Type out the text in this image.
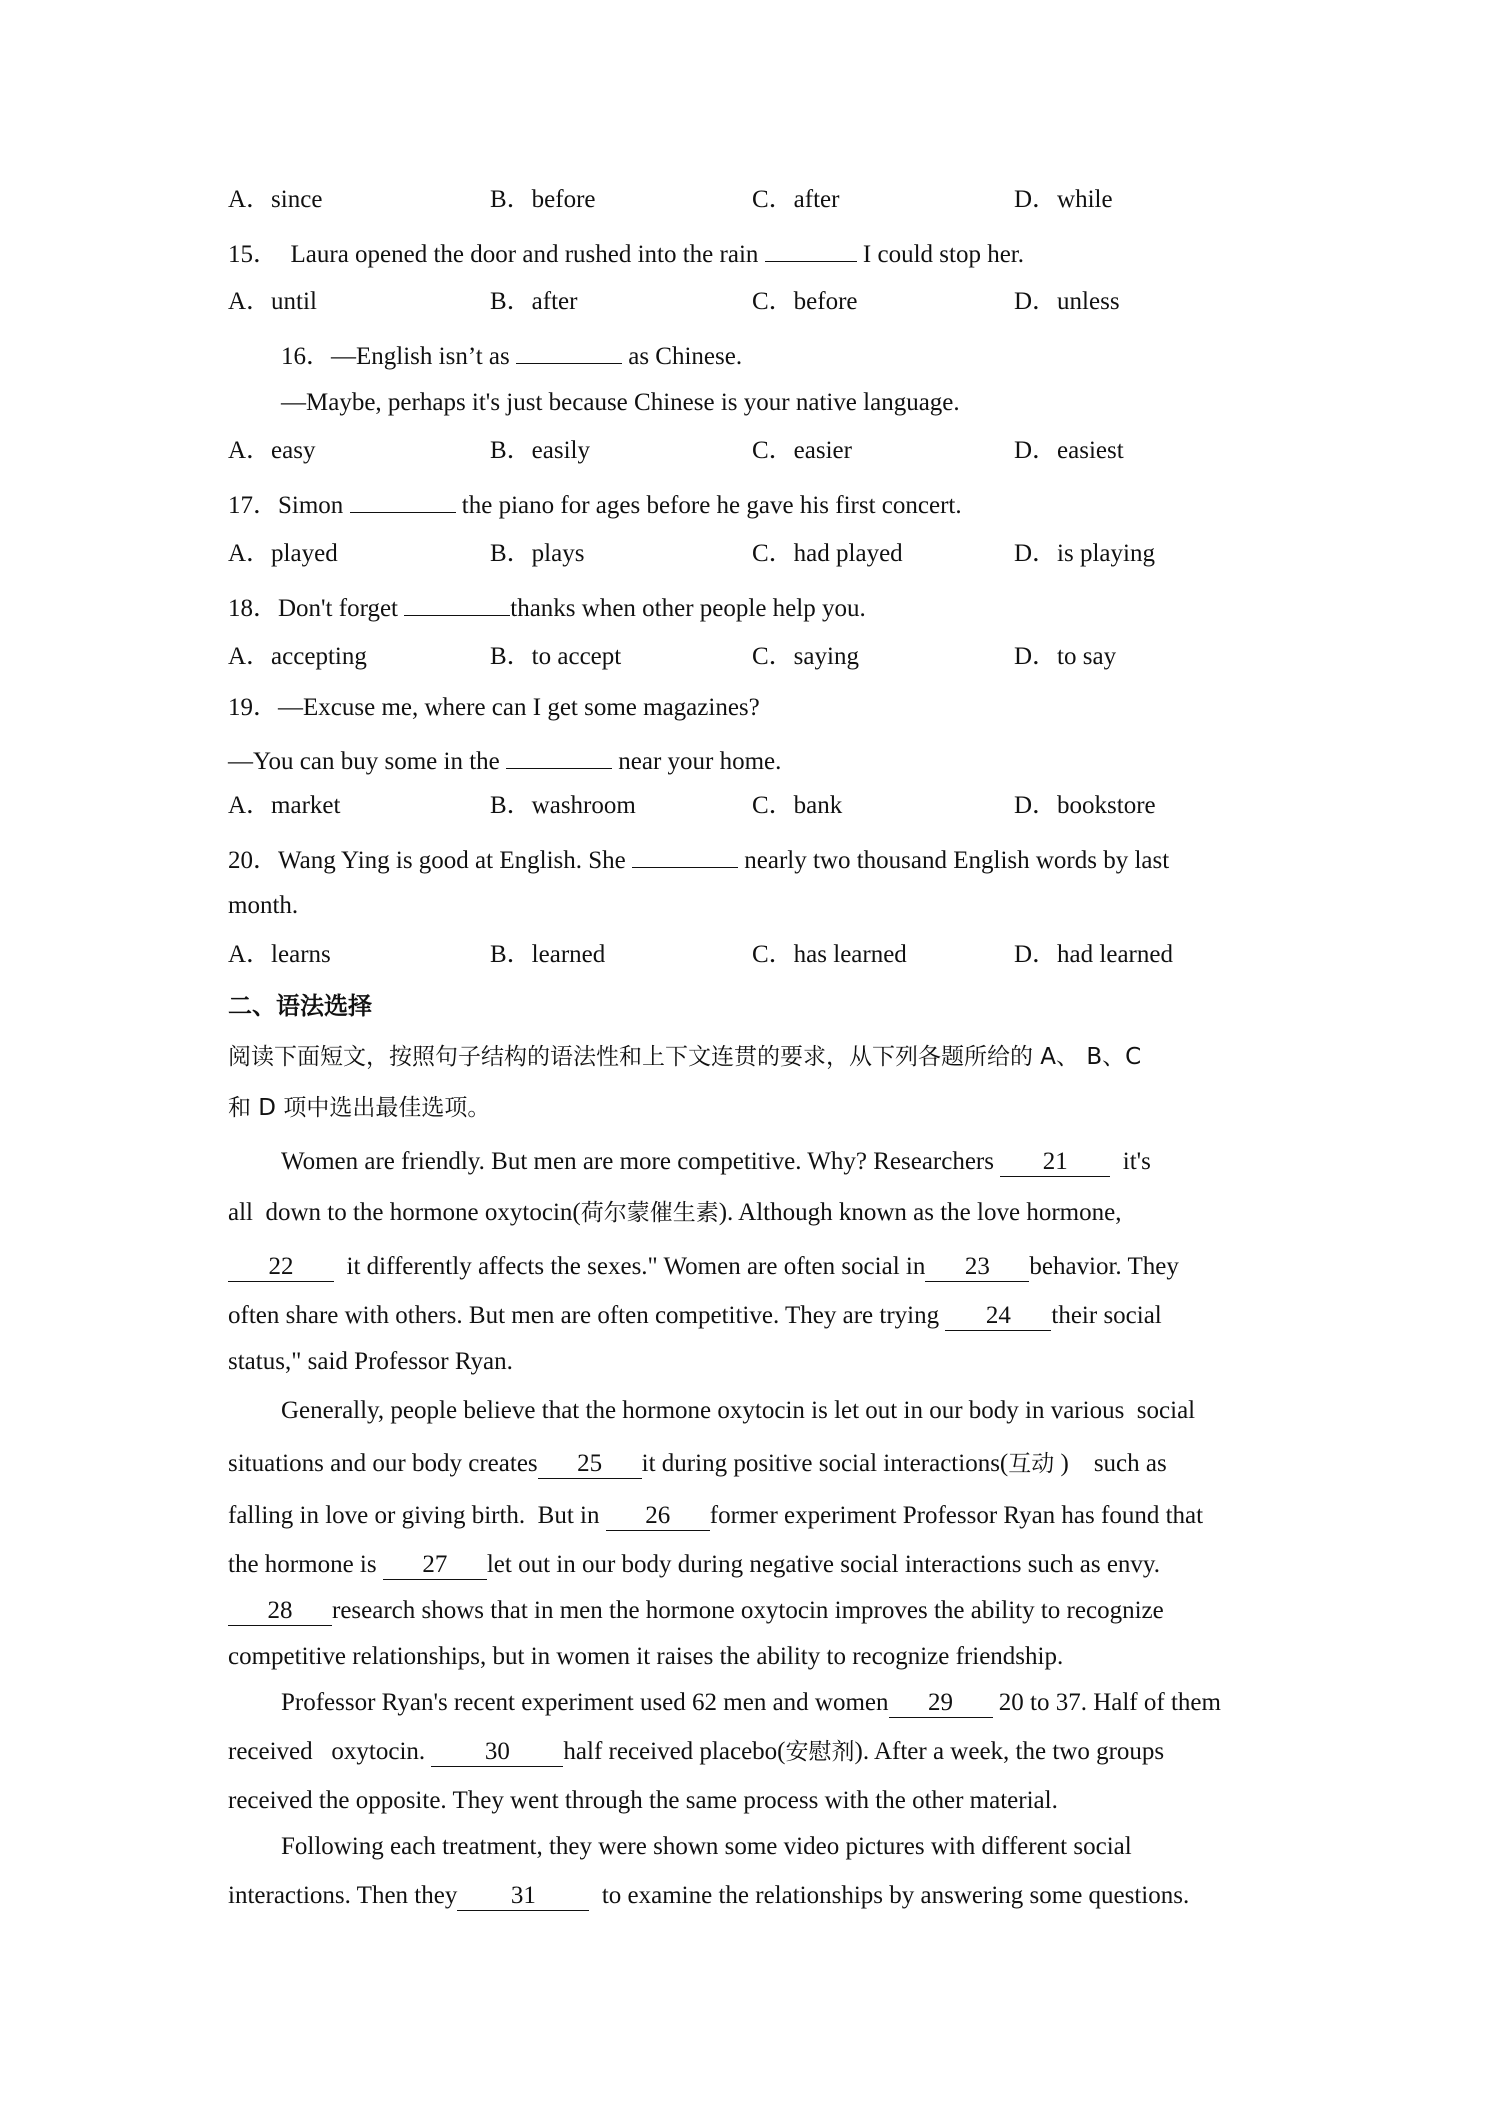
A．since	B．before	C．after	D．while
15．  Laura opened the door and rushed into the rain	I could stop her.
A．until	B．after	C．before	D．unless
16．—English isn’t as	as Chinese.
—Maybe, perhaps it's just because Chinese is your native language.
A．easy	B．easily	C．easier	D．easiest
17．Simon	the piano for ages before he gave his first concert.
A．played	B．plays	C．had played	D．is playing
18．Don't forget	thanks when other people help you.
A．accepting	B．to accept	C．saying	D．to say
19．—Excuse me, where can I get some magazines?
—You can buy some in the	near your home.
A．market	B．washroom	C．bank	D．bookstore
20．Wang Ying is good at English. She	nearly two thousand English words by last
month.
A．learns	B．learned	C．has learned	D．had learned
二、语法选择
阅读下面短文，按照句子结构的语法性和上下文连贯的要求，从下列各题所给的 A、 B、C
和 D 项中选出最佳选项。
Women are friendly. But men are more competitive. Why? Researchers 21  it's
all  down to the hormone oxytocin(荷尔蒙催生素). Although known as the love hormone,
22  it differently affects the sexes." Women are often social in 23 behavior. They
often share with others. But men are often competitive. They are trying 24 their social
status," said Professor Ryan.
Generally, people believe that the hormone oxytocin is let out in our body in various  social
situations and our body creates 25 it during positive social interactions(互动 )    such as
falling in love or giving birth.  But in 26 former experiment Professor Ryan has found that
the hormone is 27 let out in our body during negative social interactions such as envy.
28 research shows that in men the hormone oxytocin improves the ability to recognize
competitive relationships, but in women it raises the ability to recognize friendship.
Professor Ryan's recent experiment used 62 men and women 29 20 to 37. Half of them
received   oxytocin. 30 half received placebo(安慰剂). After a week, the two groups
received the opposite. They went through the same process with the other material.
Following each treatment, they were shown some video pictures with different social
interactions. Then they 31  to examine the relationships by answering some questions.
